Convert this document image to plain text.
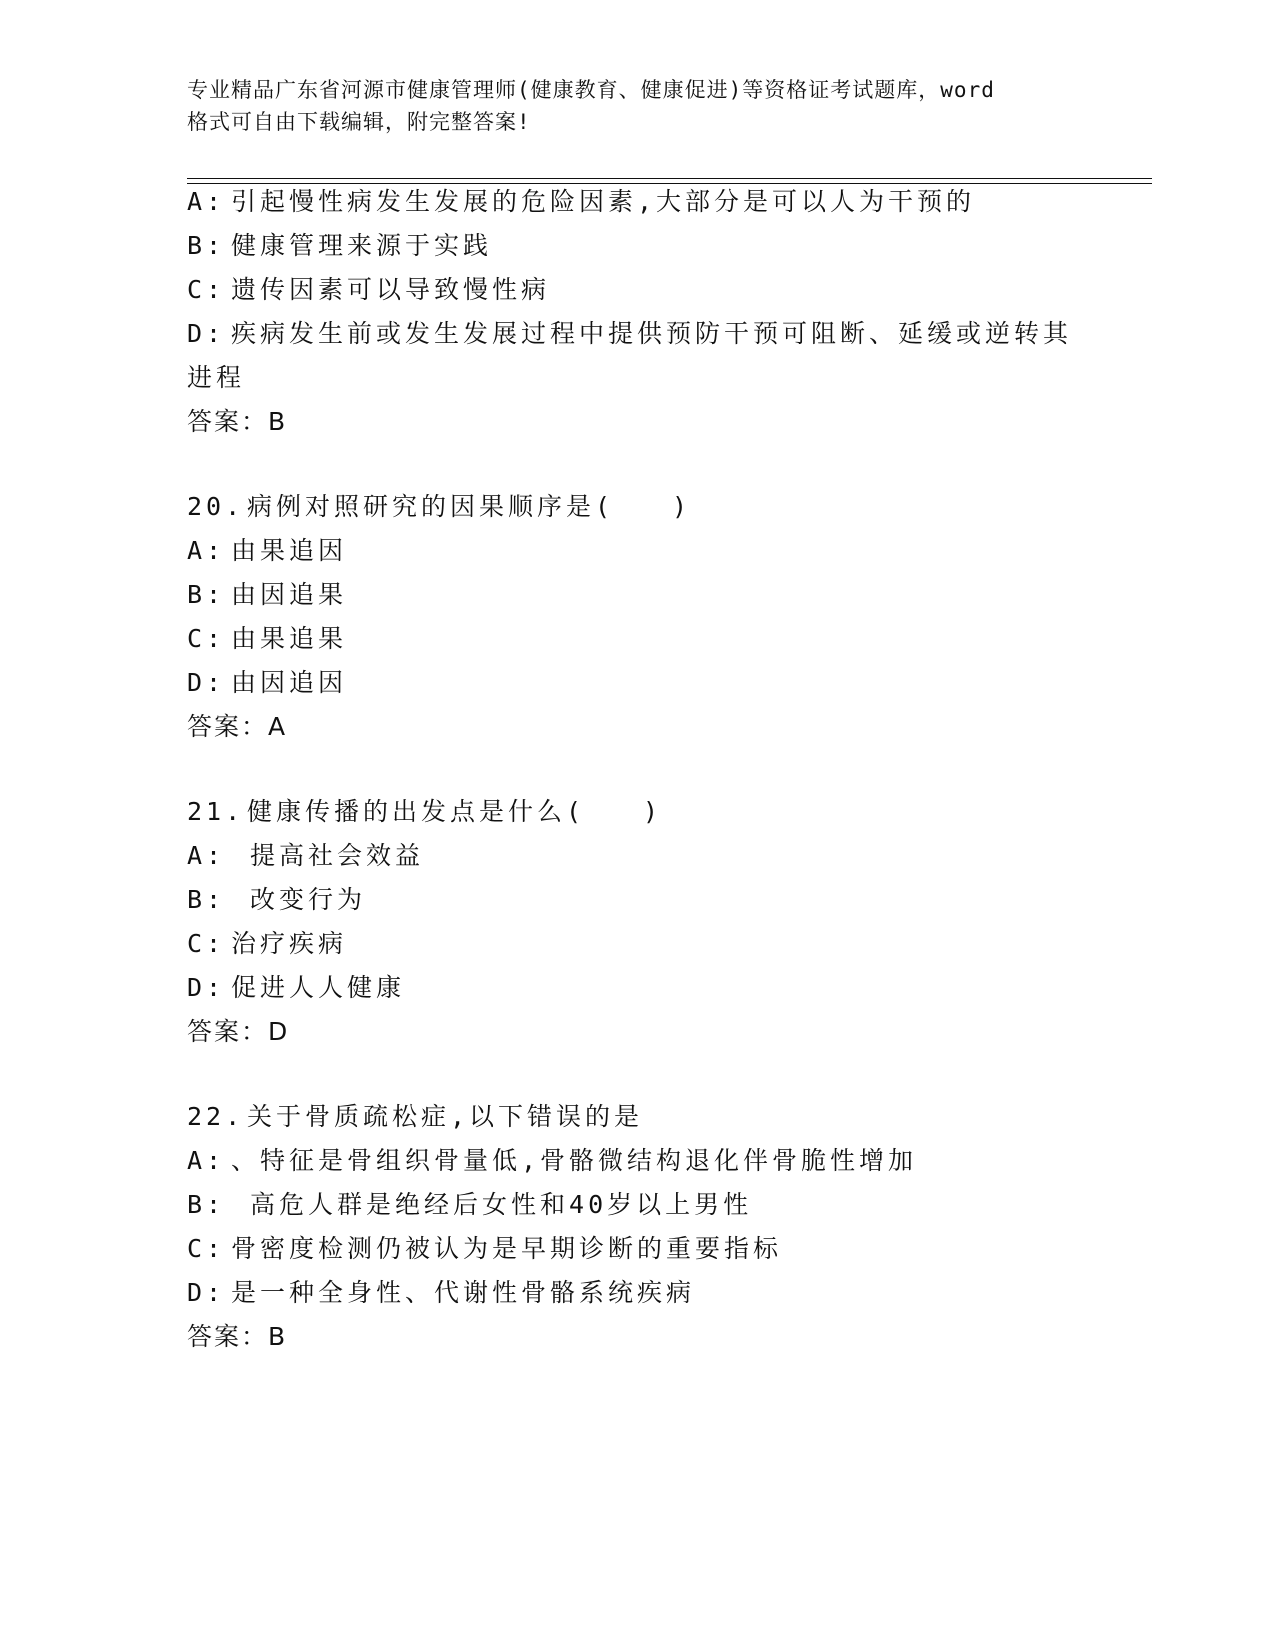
专业精品广东省河源市健康管理师(健康教育、健康促进)等资格证考试题库，word
格式可自由下载编辑，附完整答案!
A: 引起慢性病发生发展的危险因素,大部分是可以人为干预的
B: 健康管理来源于实践
C: 遗传因素可以导致慢性病
D: 疾病发生前或发生发展过程中提供预防干预可阻断、延缓或逆转其
进程
答案：B
20. 病例对照研究的因果顺序是(　　)
A: 由果追因
B: 由因追果
C: 由果追果
D: 由因追因
答案：A
21. 健康传播的出发点是什么(　　)
A: 提高社会效益
B: 改变行为
C: 治疗疾病
D: 促进人人健康
答案：D
22. 关于骨质疏松症,以下错误的是
A: 、特征是骨组织骨量低,骨骼微结构退化伴骨脆性增加
B: 高危人群是绝经后女性和40岁以上男性
C: 骨密度检测仍被认为是早期诊断的重要指标
D: 是一种全身性、代谢性骨骼系统疾病
答案：B
